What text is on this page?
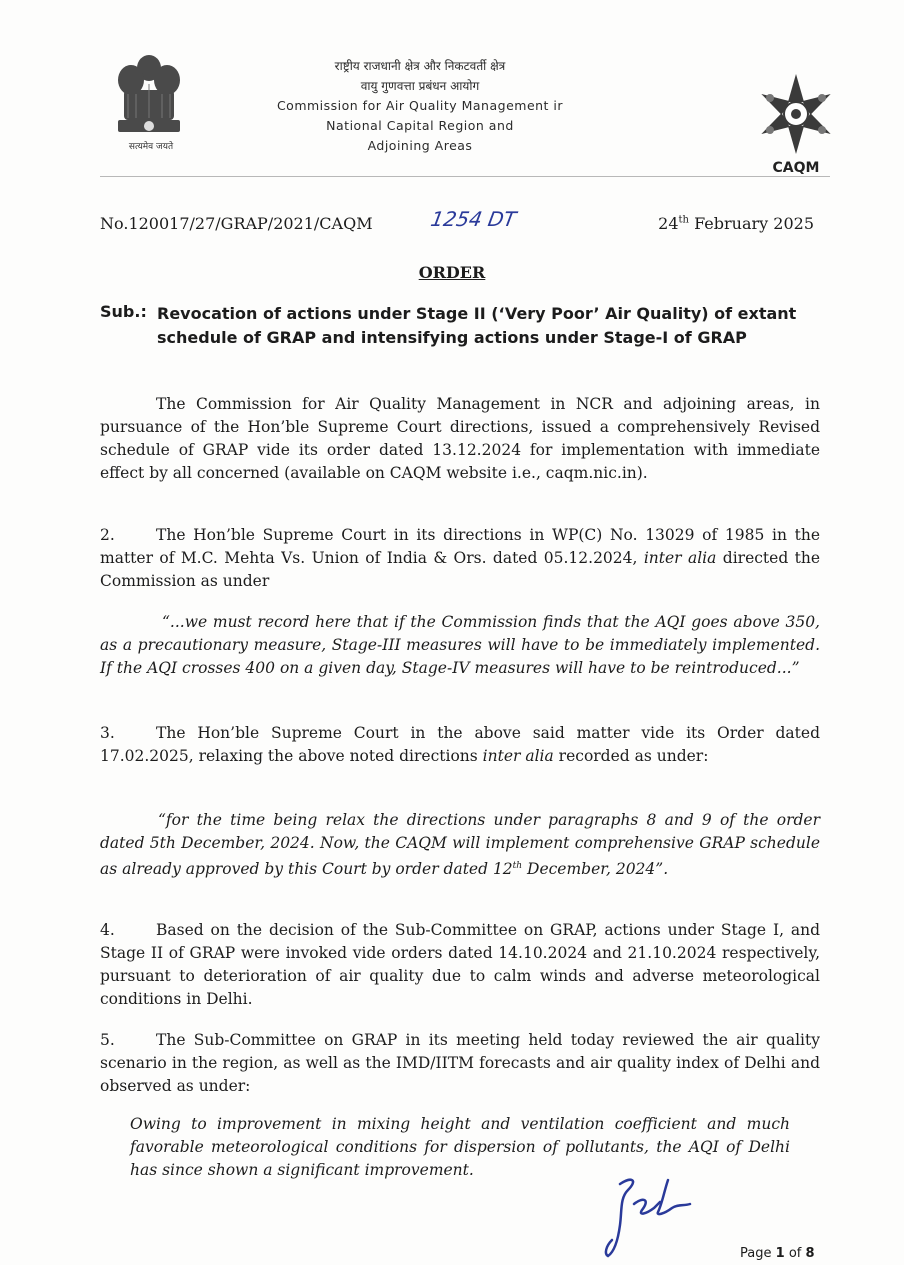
सत्यमेव जयते
राष्ट्रीय राजधानी क्षेत्र और निकटवर्ती क्षेत्र
वायु गुणवत्ता प्रबंधन आयोग
Commission for Air Quality Management ir
National Capital Region and
Adjoining Areas
CAQM
No.120017/27/GRAP/2021/CAQM	1254 DT	24th February 2025
ORDER
Sub.: Revocation of actions under Stage II (‘Very Poor’ Air Quality) of extant schedule of GRAP and intensifying actions under Stage-I of GRAP
The Commission for Air Quality Management in NCR and adjoining areas, in pursuance of the Hon’ble Supreme Court directions, issued a comprehensively Revised schedule of GRAP vide its order dated 13.12.2024 for implementation with immediate effect by all concerned (available on CAQM website i.e., caqm.nic.in).
2.	The Hon’ble Supreme Court in its directions in WP(C) No. 13029 of 1985 in the matter of M.C. Mehta Vs. Union of India & Ors. dated 05.12.2024, inter alia directed the Commission as under
“...we must record here that if the Commission finds that the AQI goes above 350, as a precautionary measure, Stage-III measures will have to be immediately implemented. If the AQI crosses 400 on a given day, Stage-IV measures will have to be reintroduced...”
3.	The Hon’ble Supreme Court in the above said matter vide its Order dated 17.02.2025, relaxing the above noted directions inter alia recorded as under:
“for the time being relax the directions under paragraphs 8 and 9 of the order dated 5th December, 2024. Now, the CAQM will implement comprehensive GRAP schedule as already approved by this Court by order dated 12th December, 2024”.
4.	Based on the decision of the Sub-Committee on GRAP, actions under Stage I, and Stage II of GRAP were invoked vide orders dated 14.10.2024 and 21.10.2024 respectively, pursuant to deterioration of air quality due to calm winds and adverse meteorological conditions in Delhi.
5.	The Sub-Committee on GRAP in its meeting held today reviewed the air quality scenario in the region, as well as the IMD/IITM forecasts and air quality index of Delhi and observed as under:
Owing to improvement in mixing height and ventilation coefficient and much favorable meteorological conditions for dispersion of pollutants, the AQI of Delhi has since shown a significant improvement.
Page 1 of 8
